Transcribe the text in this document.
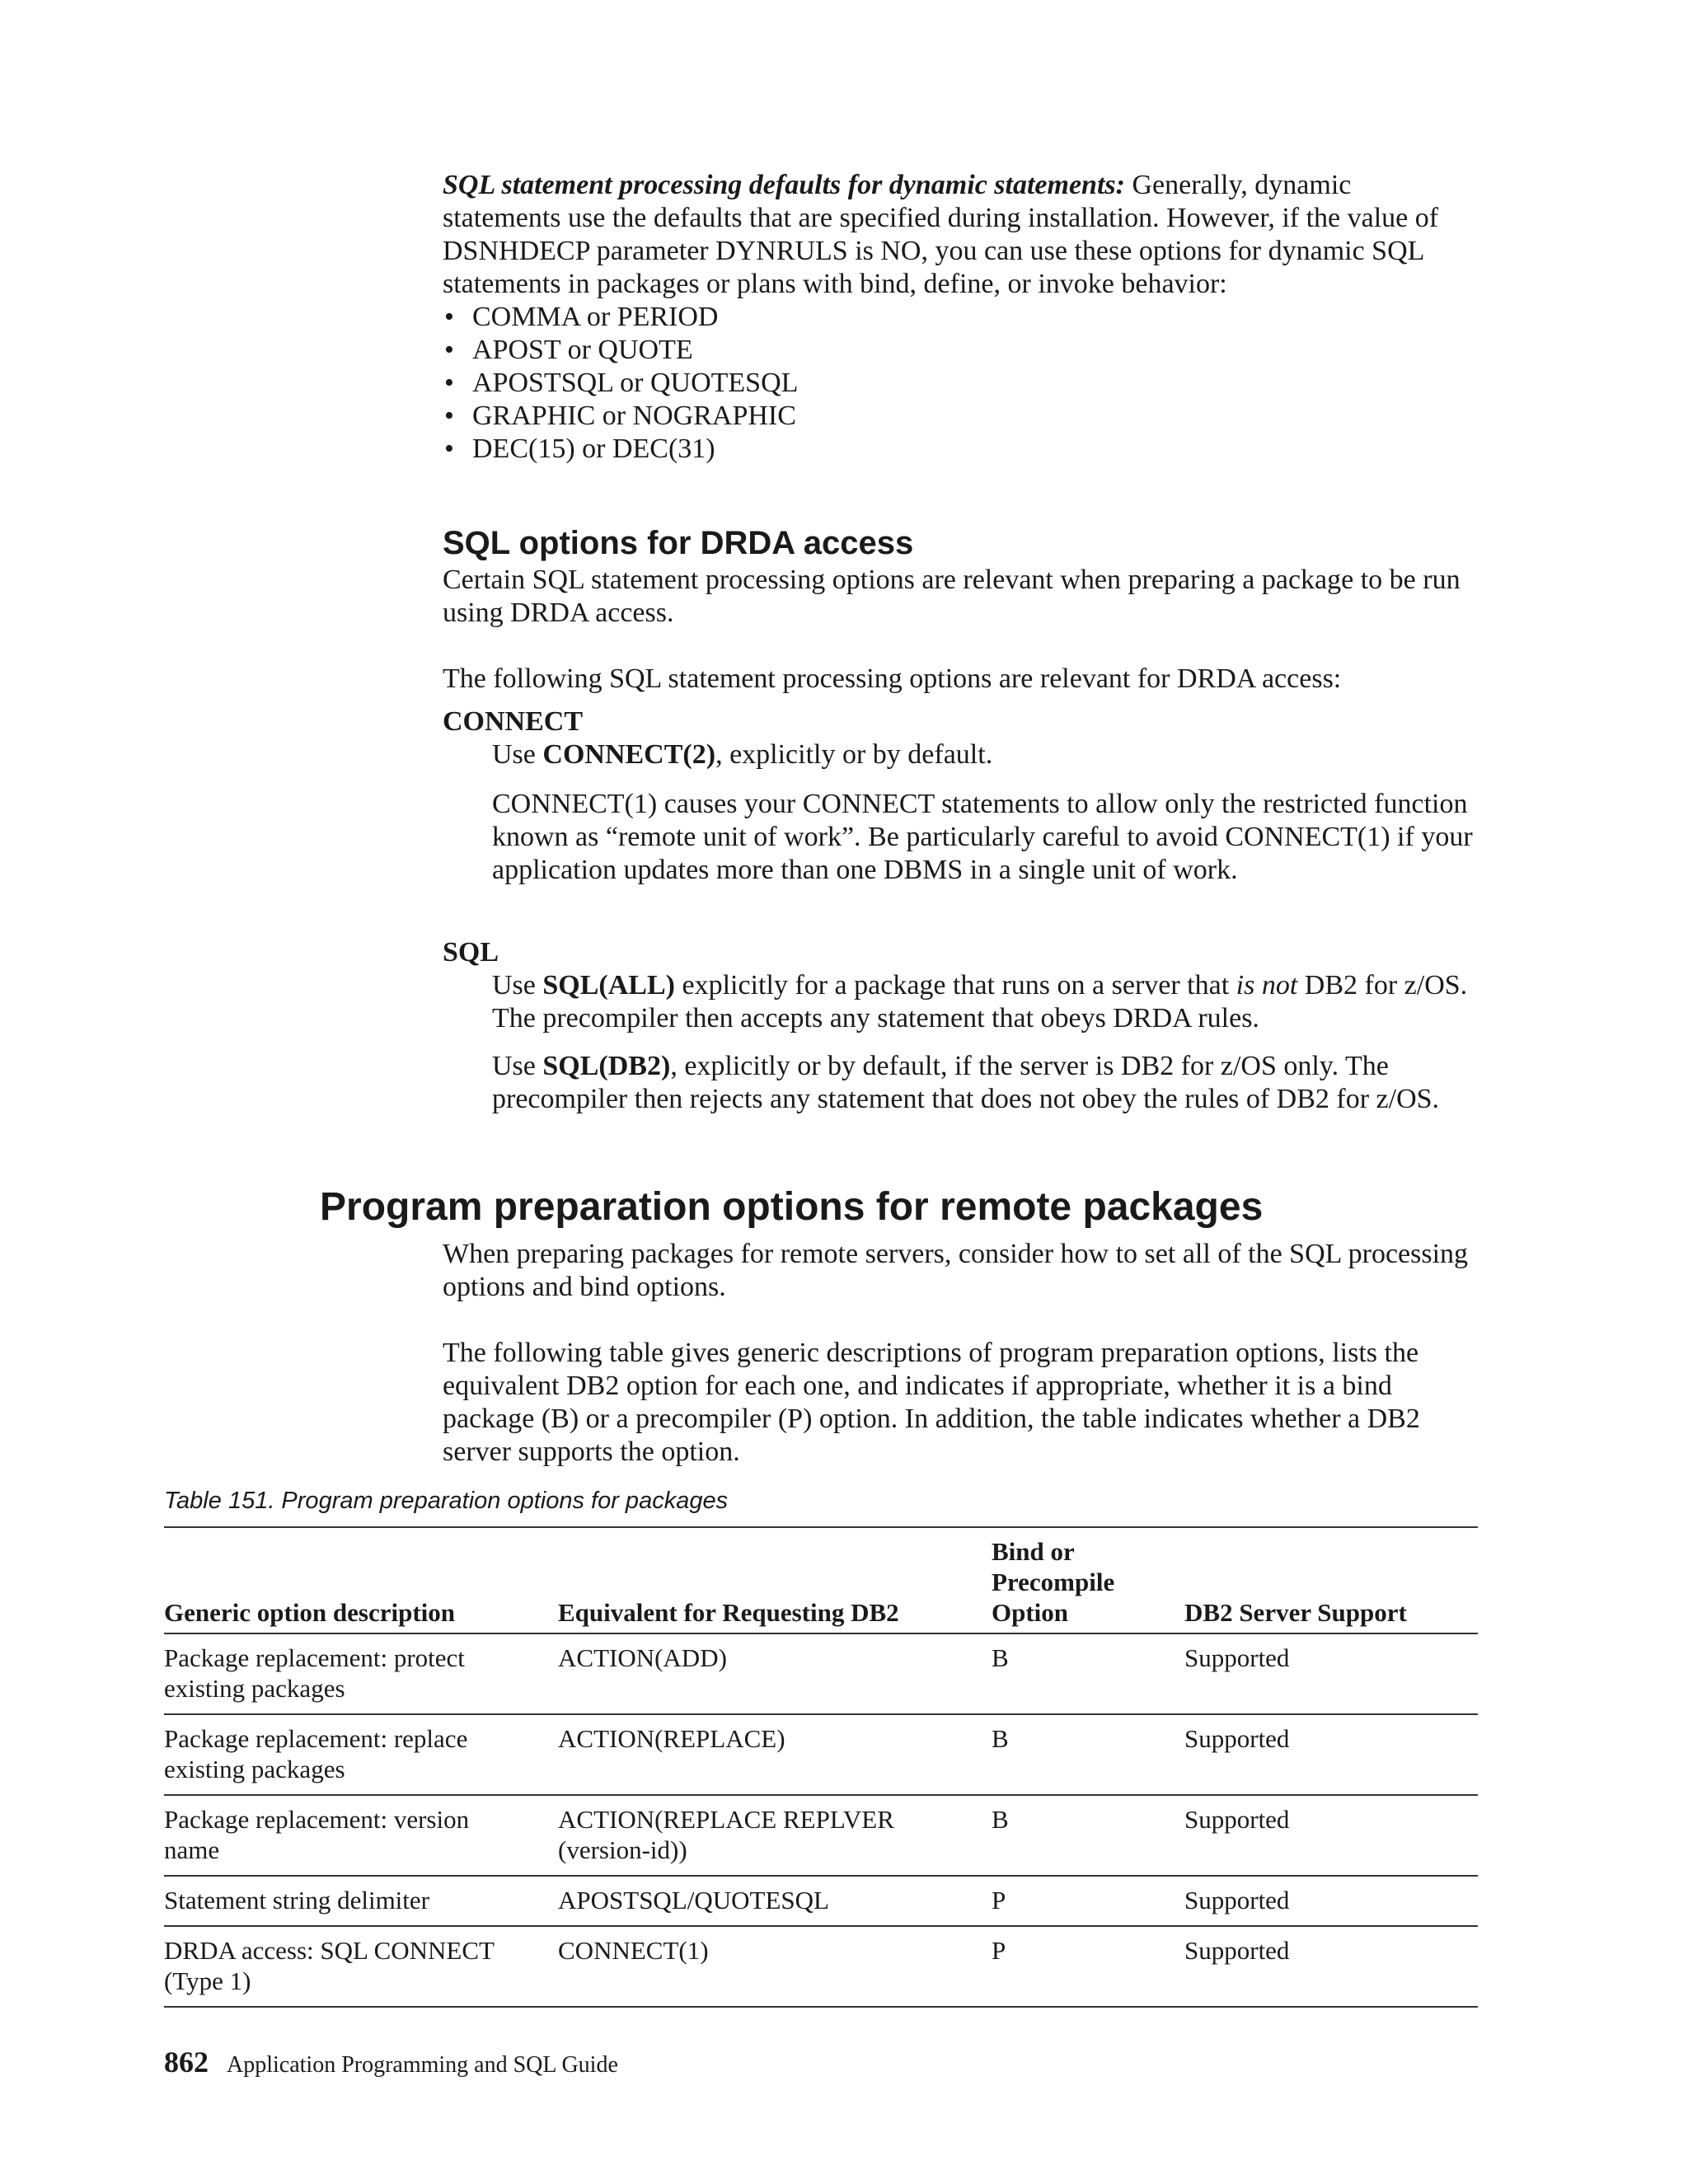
SQL statement processing defaults for dynamic statements: Generally, dynamic statements use the defaults that are specified during installation. However, if the value of DSNHDECP parameter DYNRULS is NO, you can use these options for dynamic SQL statements in packages or plans with bind, define, or invoke behavior:

• COMMA or PERIOD
• APOST or QUOTE
• APOSTSQL or QUOTESQL
• GRAPHIC or NOGRAPHIC
• DEC(15) or DEC(31)
SQL options for DRDA access

Certain SQL statement processing options are relevant when preparing a package to be run using DRDA access.

The following SQL statement processing options are relevant for DRDA access:

CONNECT

Use CONNECT(2), explicitly or by default.

CONNECT(1) causes your CONNECT statements to allow only the restricted function known as “remote unit of work”. Be particularly careful to avoid CONNECT(1) if your application updates more than one DBMS in a single unit of work.

SQL

Use SQL(ALL) explicitly for a package that runs on a server that is not DB2 for z/OS. The precompiler then accepts any statement that obeys DRDA rules.

Use SQL(DB2), explicitly or by default, if the server is DB2 for z/OS only. The precompiler then rejects any statement that does not obey the rules of DB2 for z/OS.

Program preparation options for remote packages

When preparing packages for remote servers, consider how to set all of the SQL processing options and bind options.

The following table gives generic descriptions of program preparation options, lists the equivalent DB2 option for each one, and indicates if appropriate, whether it is a bind package (B) or a precompiler (P) option. In addition, the table indicates whether a DB2 server supports the option.

Table 151. Program preparation options for packages
Generic option description	Equivalent for Requesting DB2	Bind or Precompile Option	DB2 Server Support
Package replacement: protect existing packages	ACTION(ADD)	B	Supported
Package replacement: replace existing packages	ACTION(REPLACE)	B	Supported
Package replacement: version name	ACTION(REPLACE REPLVER (version-id))	B	Supported
Statement string delimiter	APOSTSQL/QUOTESQL	P	Supported
DRDA access: SQL CONNECT (Type 1)	CONNECT(1)	P	Supported
862 Application Programming and SQL Guide
